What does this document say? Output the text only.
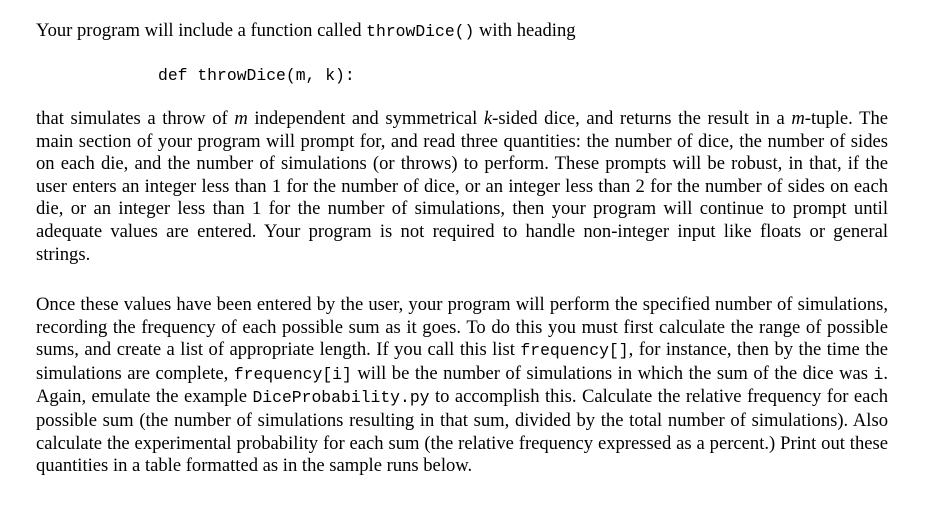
Your program will include a function called throwDice() with heading
def throwDice(m, k):

that simulates a throw of m independent and symmetrical k-sided dice, and returns the result in a m-tuple. The main section of your program will prompt for, and read three quantities: the number of dice, the number of sides on each die, and the number of simulations (or throws) to perform. These prompts will be robust, in that, if the user enters an integer less than 1 for the number of dice, or an integer less than 2 for the number of sides on each die, or an integer less than 1 for the number of simulations, then your program will continue to prompt until adequate values are entered. Your program is not required to handle non-integer input like floats or general strings.

Once these values have been entered by the user, your program will perform the specified number of simulations, recording the frequency of each possible sum as it goes. To do this you must first calculate the range of possible sums, and create a list of appropriate length. If you call this list frequency[], for instance, then by the time the simulations are complete, frequency[i] will be the number of simulations in which the sum of the dice was i. Again, emulate the example DiceProbability.py to accomplish this. Calculate the relative frequency for each possible sum (the number of simulations resulting in that sum, divided by the total number of simulations). Also calculate the experimental probability for each sum (the relative frequency expressed as a percent.) Print out these quantities in a table formatted as in the sample runs below.
